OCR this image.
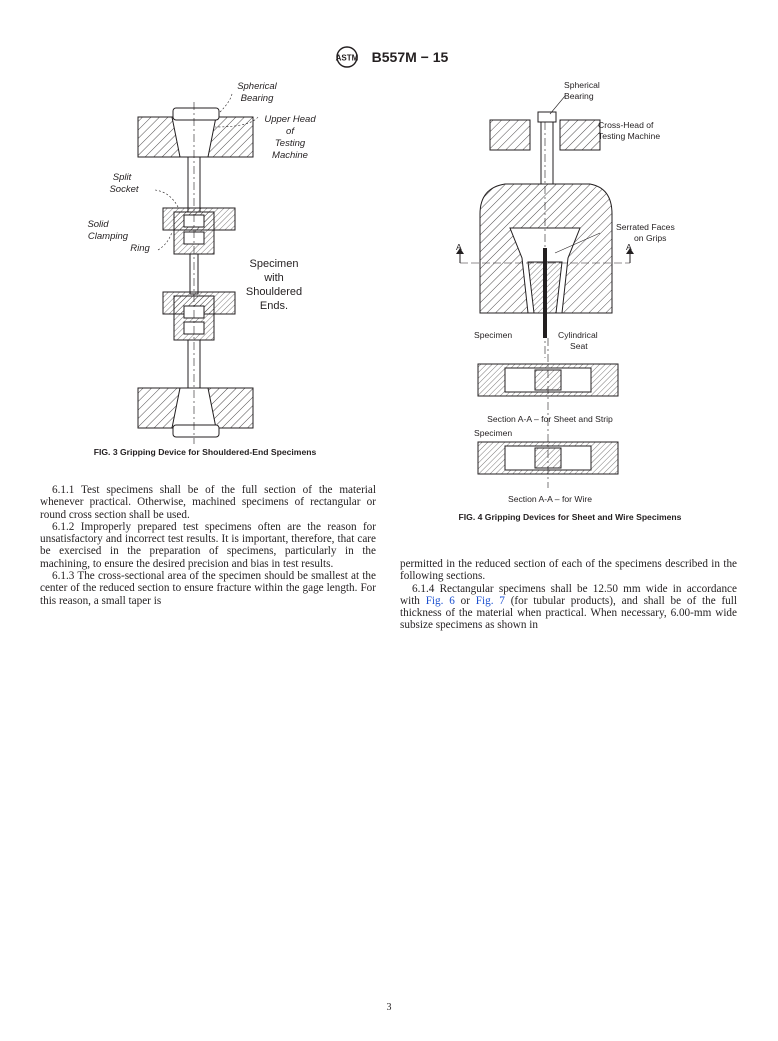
ASTM B557M − 15
Spherical
Bearing
Upper Head
of
Testing
Machine
Split
Socket
Solid
Clamping
Ring
Specimen
with
Shouldered
Ends.
FIG. 3 Gripping Device for Shouldered-End Specimens
Spherical
Bearing
Cross-Head of
Testing Machine
Serrated Faces
on Grips
A	A
Specimen	Cylindrical
Seat
Section A-A – for Sheet and Strip
Specimen
Section A-A – for Wire
FIG. 4 Gripping Devices for Sheet and Wire Specimens

6.1.1 Test specimens shall be of the full section of the material whenever practical. Otherwise, machined specimens of rectangular or round cross section shall be used.

6.1.2 Improperly prepared test specimens often are the reason for unsatisfactory and incorrect test results. It is important, therefore, that care be exercised in the preparation of specimens, particularly in the machining, to ensure the desired precision and bias in test results.

6.1.3 The cross-sectional area of the specimen should be smallest at the center of the reduced section to ensure fracture within the gage length. For this reason, a small taper is

permitted in the reduced section of each of the specimens described in the following sections.

6.1.4 Rectangular specimens shall be 12.50 mm wide in accordance with Fig. 6 or Fig. 7 (for tubular products), and shall be of the full thickness of the material when practical. When necessary, 6.00-mm wide subsize specimens as shown in

3
